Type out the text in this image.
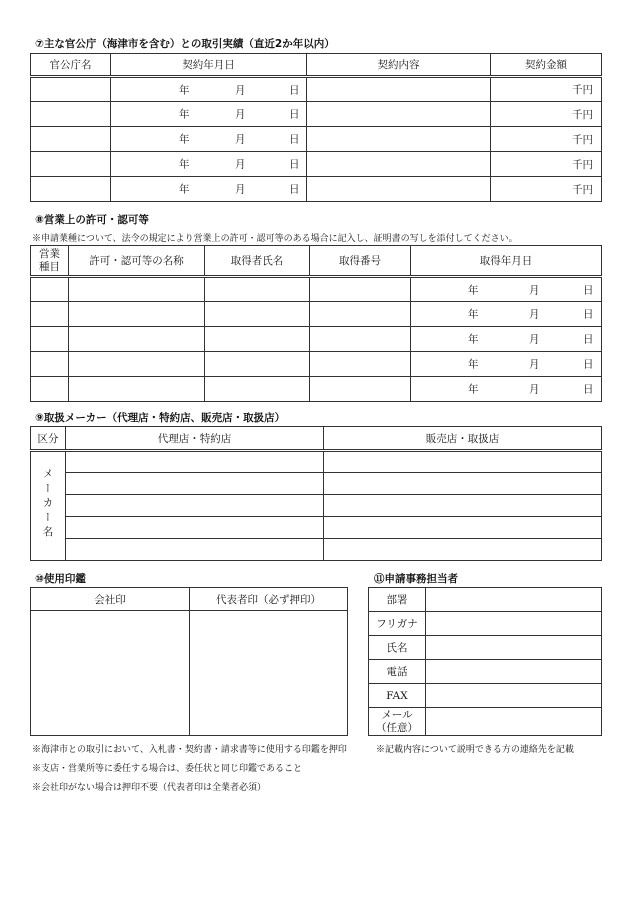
⑦主な官公庁（海津市を含む）との取引実績（直近2か年以内）
官公庁名	契約年月日	契約内容	契約金額

	年 月 日		千円

	年 月 日		千円

	年 月 日		千円

	年 月 日		千円

	年 月 日		千円
⑧営業上の許可・認可等
※申請業種について、法令の規定により営業上の許可・認可等のある場合に記入し、証明書の写しを添付してください。
営業
種目	許可・認可等の名称	取得者氏名	取得番号	取得年月日

				年 月 日

				年 月 日

				年 月 日

				年 月 日

				年 月 日
⑨取扱メーカー（代理店・特約店、販売店・取扱店）
区分	代理店・特約店	販売店・取扱店
メーカー名		

⑩使用印鑑
会社印	代表者印（必ず押印）

⑪申請事務担当者
部署	
フリガナ	
氏名	
電話	
FAX	
メール
（任意）	
※海津市との取引において、入札書・契約書・請求書等に使用する印鑑を押印	※記載内容について説明できる方の連絡先を記載
※支店・営業所等に委任する場合は、委任状と同じ印鑑であること
※会社印がない場合は押印不要（代表者印は全業者必須）
